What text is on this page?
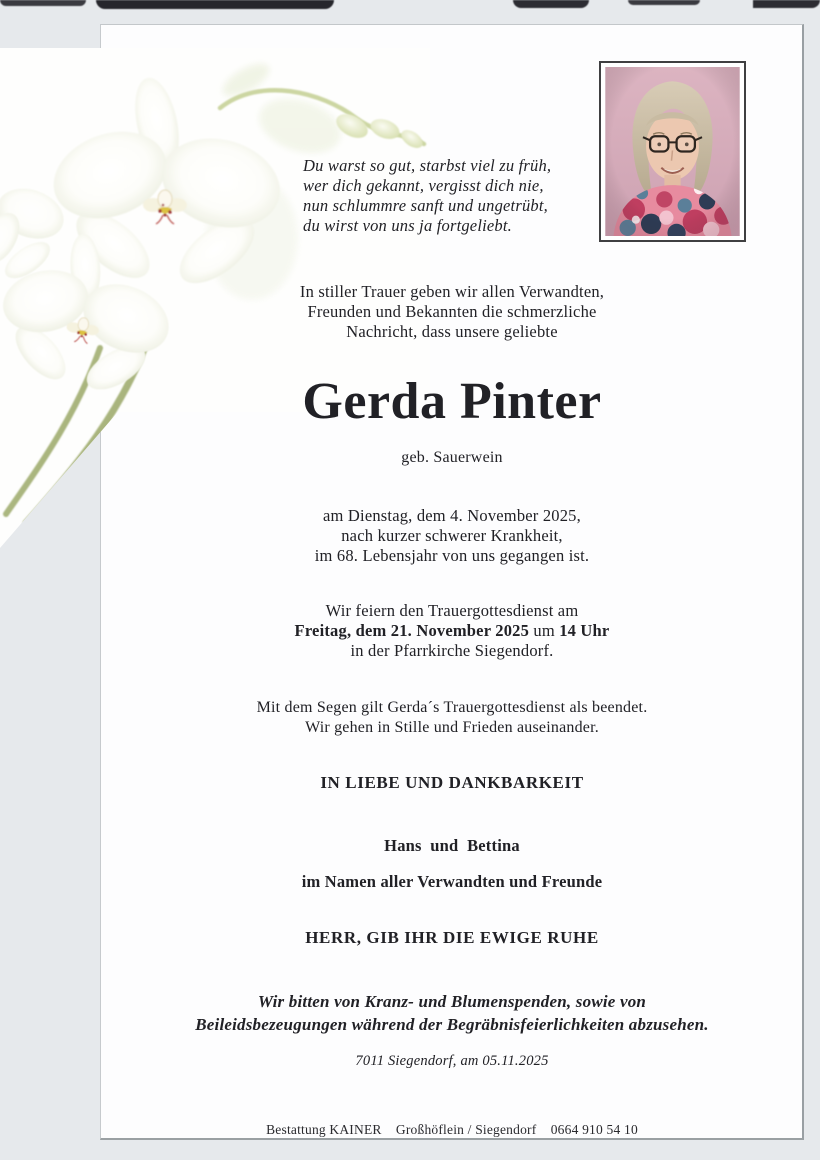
Du warst so gut, starbst viel zu früh,
wer dich gekannt, vergisst dich nie,
nun schlummre sanft und ungetrübt,
du wirst von uns ja fortgeliebt.
In stiller Trauer geben wir allen Verwandten,
Freunden und Bekannten die schmerzliche
Nachricht, dass unsere geliebte
Gerda Pinter
geb. Sauerwein
am Dienstag, dem 4. November 2025,
nach kurzer schwerer Krankheit,
im 68. Lebensjahr von uns gegangen ist.
Wir feiern den Trauergottesdienst am
Freitag, dem 21. November 2025 um 14 Uhr
in der Pfarrkirche Siegendorf.
Mit dem Segen gilt Gerda´s Trauergottesdienst als beendet.
Wir gehen in Stille und Frieden auseinander.
IN LIEBE UND DANKBARKEIT
Hans  und  Bettina
im Namen aller Verwandten und Freunde
HERR, GIB IHR DIE EWIGE RUHE
Wir bitten von Kranz- und Blumenspenden, sowie von
Beileidsbezeugungen während der Begräbnisfeierlichkeiten abzusehen.
7011 Siegendorf, am 05.11.2025
Bestattung KAINER    Großhöflein / Siegendorf    0664 910 54 10
